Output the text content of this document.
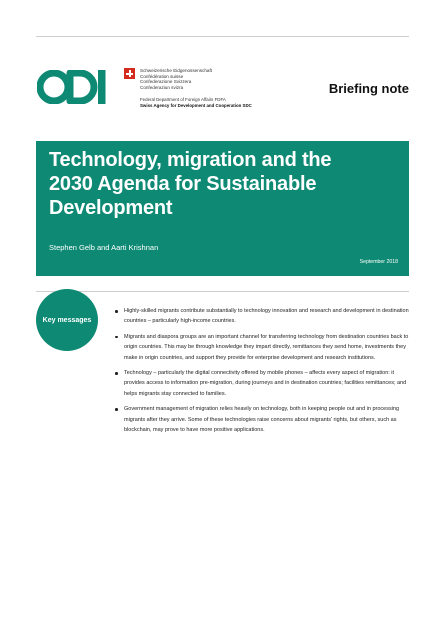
Schweizerische Eidgenossenschaft
Confédération suisse
Confederazione Svizzera
Confederaziun svizra
Federal Department of Foreign Affairs FDFA
Swiss Agency for Development and Cooperation SDC
Briefing note
Technology, migration and the
2030 Agenda for Sustainable
Development
Stephen Gelb and Aarti Krishnan
September 2018
Key messages
Highly-skilled migrants contribute substantially to technology innovation and research and development in destination countries – particularly high-income countries.
Migrants and diaspora groups are an important channel for transferring technology from destination countries back to origin countries. This may be through knowledge they impart directly, remittances they send home, investments they make in origin countries, and support they provide for enterprise development and research institutions.
Technology – particularly the digital connectivity offered by mobile phones – affects every aspect of migration: it provides access to information pre-migration, during journeys and in destination countries; facilities remittances; and helps migrants stay connected to families.
Government management of migration relies heavily on technology, both in keeping people out and in processing migrants after they arrive. Some of these technologies raise concerns about migrants’ rights, but others, such as blockchain, may prove to have more positive applications.
